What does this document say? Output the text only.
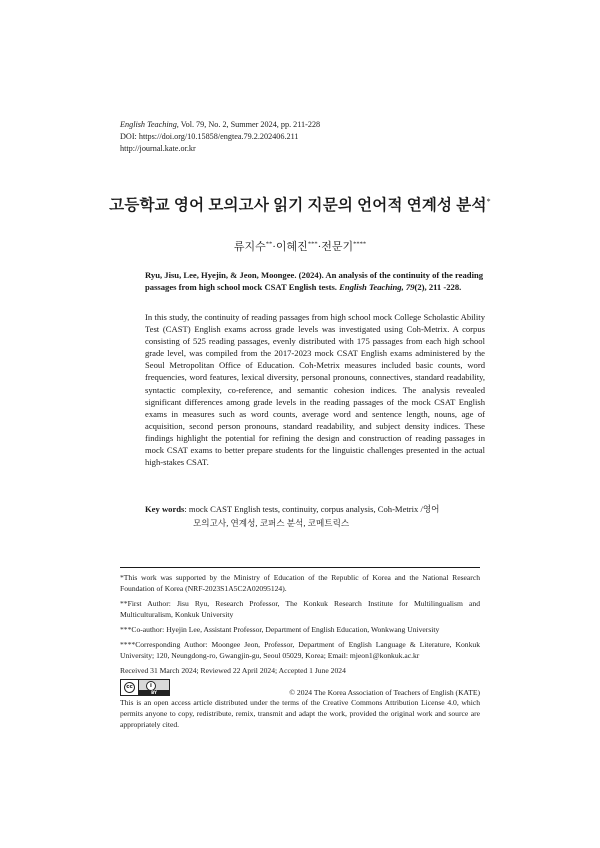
English Teaching, Vol. 79, No. 2, Summer 2024, pp. 211-228
DOI: https://doi.org/10.15858/engtea.79.2.202406.211
http://journal.kate.or.kr
고등학교 영어 모의고사 읽기 지문의 언어적 연계성 분석*
류지수**·이혜진***·전문기****
Ryu, Jisu, Lee, Hyejin, & Jeon, Moongee. (2024). An analysis of the continuity of the reading passages from high school mock CSAT English tests. English Teaching, 79(2), 211 -228.
In this study, the continuity of reading passages from high school mock College Scholastic Ability Test (CAST) English exams across grade levels was investigated using Coh-Metrix. A corpus consisting of 525 reading passages, evenly distributed with 175 passages from each high school grade level, was compiled from the 2017-2023 mock CSAT English exams administered by the Seoul Metropolitan Office of Education. Coh-Metrix measures included basic counts, word frequencies, word features, lexical diversity, personal pronouns, connectives, standard readability, syntactic complexity, co-reference, and semantic cohesion indices. The analysis revealed significant differences among grade levels in the reading passages of the mock CSAT English exams in measures such as word counts, average word and sentence length, nouns, age of acquisition, second person pronouns, standard readability, and subject density indices. These findings highlight the potential for refining the design and construction of reading passages in mock CSAT exams to better prepare students for the linguistic challenges presented in the actual high-stakes CSAT.
Key words: mock CAST English tests, continuity, corpus analysis, Coh-Metrix /영어
모의고사, 연계성, 코퍼스 분석, 코메트릭스

*This work was supported by the Ministry of Education of the Republic of Korea and the National Research Foundation of Korea (NRF-2023S1A5C2A02095124).

**First Author: Jisu Ryu, Research Professor, The Konkuk Research Institute for Multilingualism and Multiculturalism, Konkuk University

***Co-author: Hyejin Lee, Assistant Professor, Department of English Education, Wonkwang University

****Corresponding Author: Moongee Jeon, Professor, Department of English Language & Literature, Konkuk University; 120, Neungdong-ro, Gwangjin-gu, Seoul 05029, Korea; Email: mjeon1@konkuk.ac.kr

Received 31 March 2024; Reviewed 22 April 2024; Accepted 1 June 2024

cc	i
BY	© 2024 The Korea Association of Teachers of English (KATE)
This is an open access article distributed under the terms of the Creative Commons Attribution License 4.0, which permits anyone to copy, redistribute, remix, transmit and adapt the work, provided the original work and source are appropriately cited.
